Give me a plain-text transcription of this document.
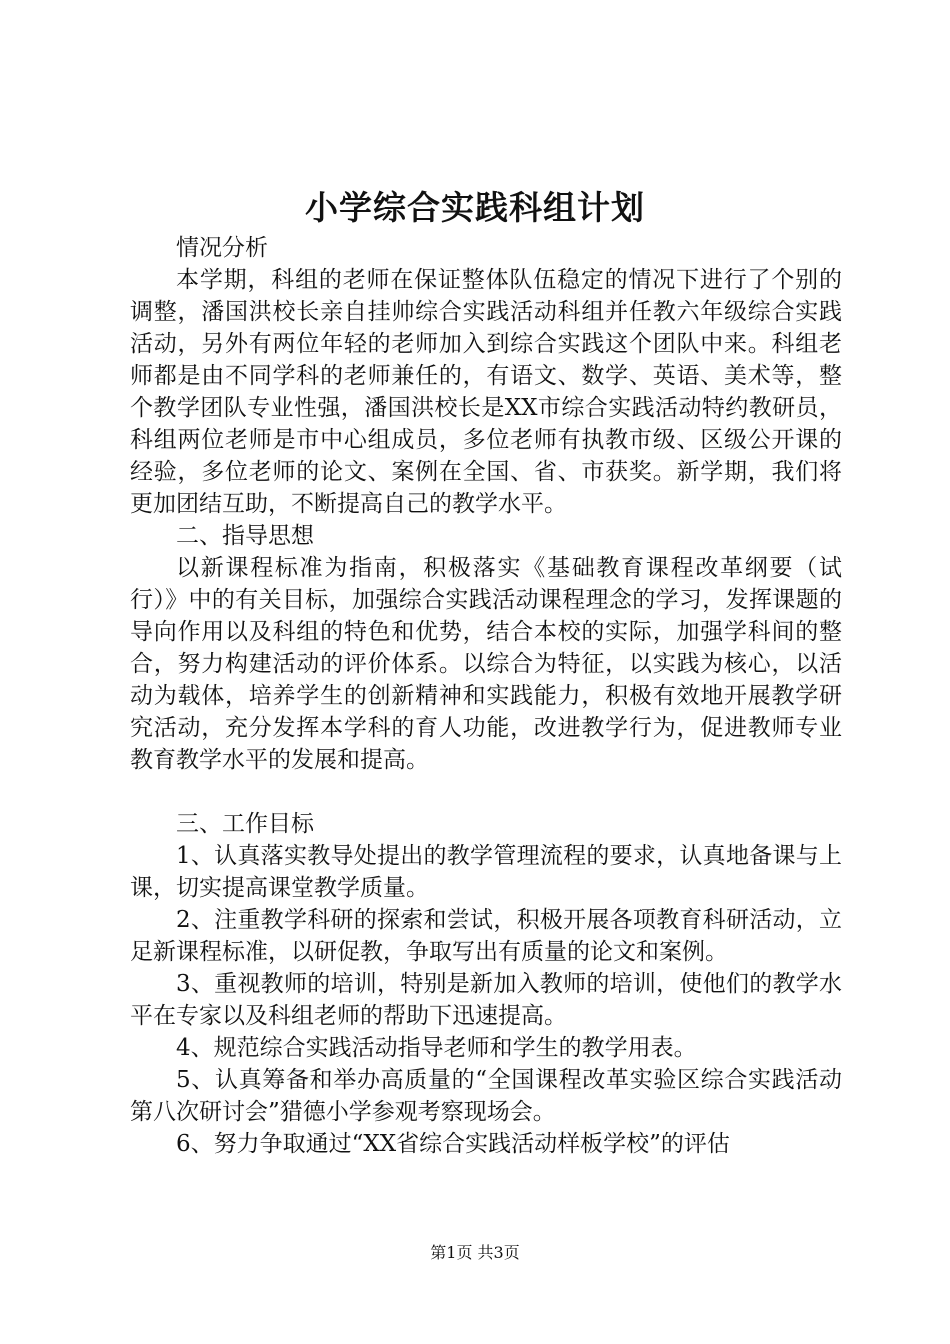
小学综合实践科组计划

情况分析

本学期，科组的老师在保证整体队伍稳定的情况下进行了个别的调整，潘国洪校长亲自挂帅综合实践活动科组并任教六年级综合实践活动，另外有两位年轻的老师加入到综合实践这个团队中来。科组老师都是由不同学科的老师兼任的，有语文、数学、英语、美术等，整个教学团队专业性强，潘国洪校长是XX市综合实践活动特约教研员，科组两位老师是市中心组成员，多位老师有执教市级、区级公开课的经验，多位老师的论文、案例在全国、省、市获奖。新学期，我们将更加团结互助，不断提高自己的教学水平。

二、指导思想

以新课程标准为指南，积极落实《基础教育课程改革纲要（试行）》中的有关目标，加强综合实践活动课程理念的学习，发挥课题的导向作用以及科组的特色和优势，结合本校的实际，加强学科间的整合，努力构建活动的评价体系。以综合为特征，以实践为核心，以活动为载体，培养学生的创新精神和实践能力，积极有效地开展教学研究活动，充分发挥本学科的育人功能，改进教学行为，促进教师专业教育教学水平的发展和提高。

三、工作目标

1、认真落实教导处提出的教学管理流程的要求，认真地备课与上课，切实提高课堂教学质量。

2、注重教学科研的探索和尝试，积极开展各项教育科研活动，立足新课程标准，以研促教，争取写出有质量的论文和案例。

3、重视教师的培训，特别是新加入教师的培训，使他们的教学水平在专家以及科组老师的帮助下迅速提高。

4、规范综合实践活动指导老师和学生的教学用表。

5、认真筹备和举办高质量的“全国课程改革实验区综合实践活动第八次研讨会”猎德小学参观考察现场会。

6、努力争取通过“XX省综合实践活动样板学校”的评估

第1页 共3页
